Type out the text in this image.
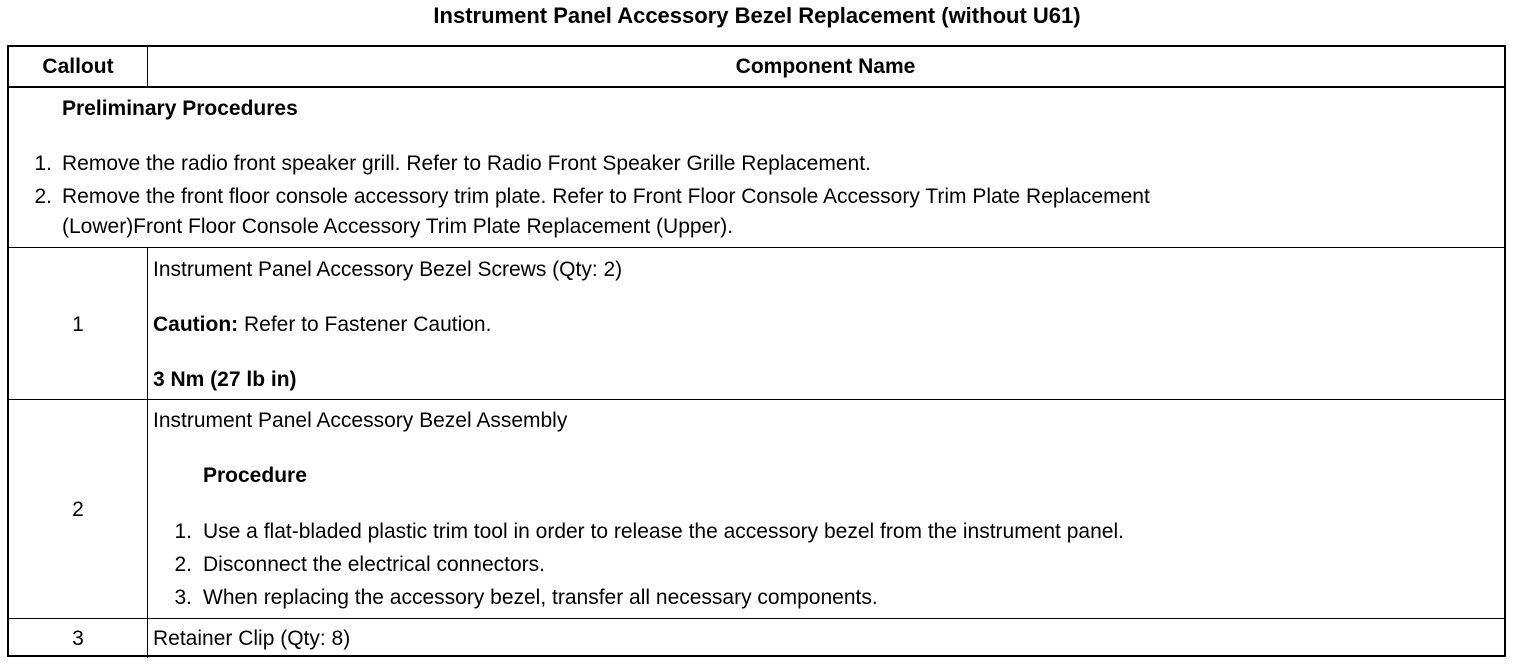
Instrument Panel Accessory Bezel Replacement (without U61)
Callout	Component Name
Preliminary Procedures
1. Remove the radio front speaker grill. Refer to Radio Front Speaker Grille Replacement.
2. Remove the front floor console accessory trim plate. Refer to Front Floor Console Accessory Trim Plate Replacement
(Lower)Front Floor Console Accessory Trim Plate Replacement (Upper).
1
Instrument Panel Accessory Bezel Screws (Qty: 2)
Caution: Refer to Fastener Caution.
3 Nm (27 lb in)
2
Instrument Panel Accessory Bezel Assembly
Procedure
1. Use a flat-bladed plastic trim tool in order to release the accessory bezel from the instrument panel.
2. Disconnect the electrical connectors.
3. When replacing the accessory bezel, transfer all necessary components.
3	Retainer Clip (Qty: 8)
